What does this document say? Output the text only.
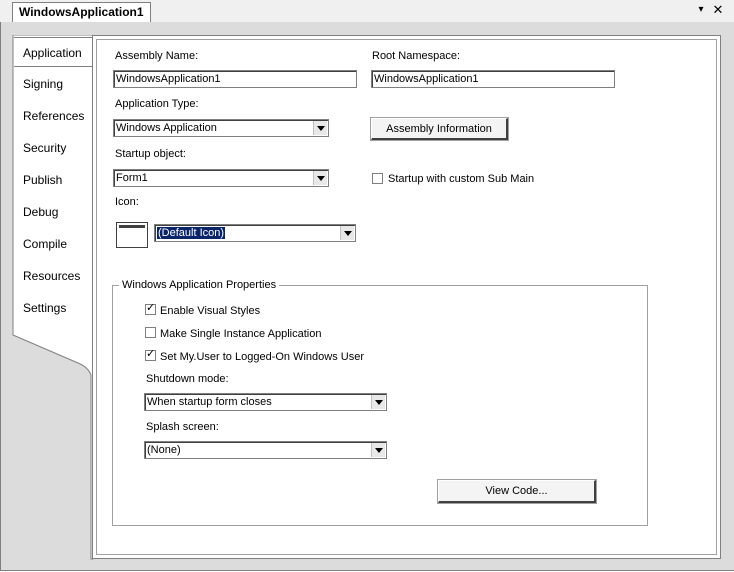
WindowsApplication1	▾ ✕
Application
Signing
References
Security
Publish
Debug
Compile
Resources
Settings
Assembly Name:
WindowsApplication1
Root Namespace:
WindowsApplication1
Application Type:
Windows Application	Assembly Information
Startup object:
Form1	Startup with custom Sub Main
Icon:
(Default Icon)
Windows Application Properties
✓ Enable Visual Styles
Make Single Instance Application
✓ Set My.User to Logged-On Windows User
Shutdown mode:
When startup form closes
Splash screen:
(None)
View Code...
